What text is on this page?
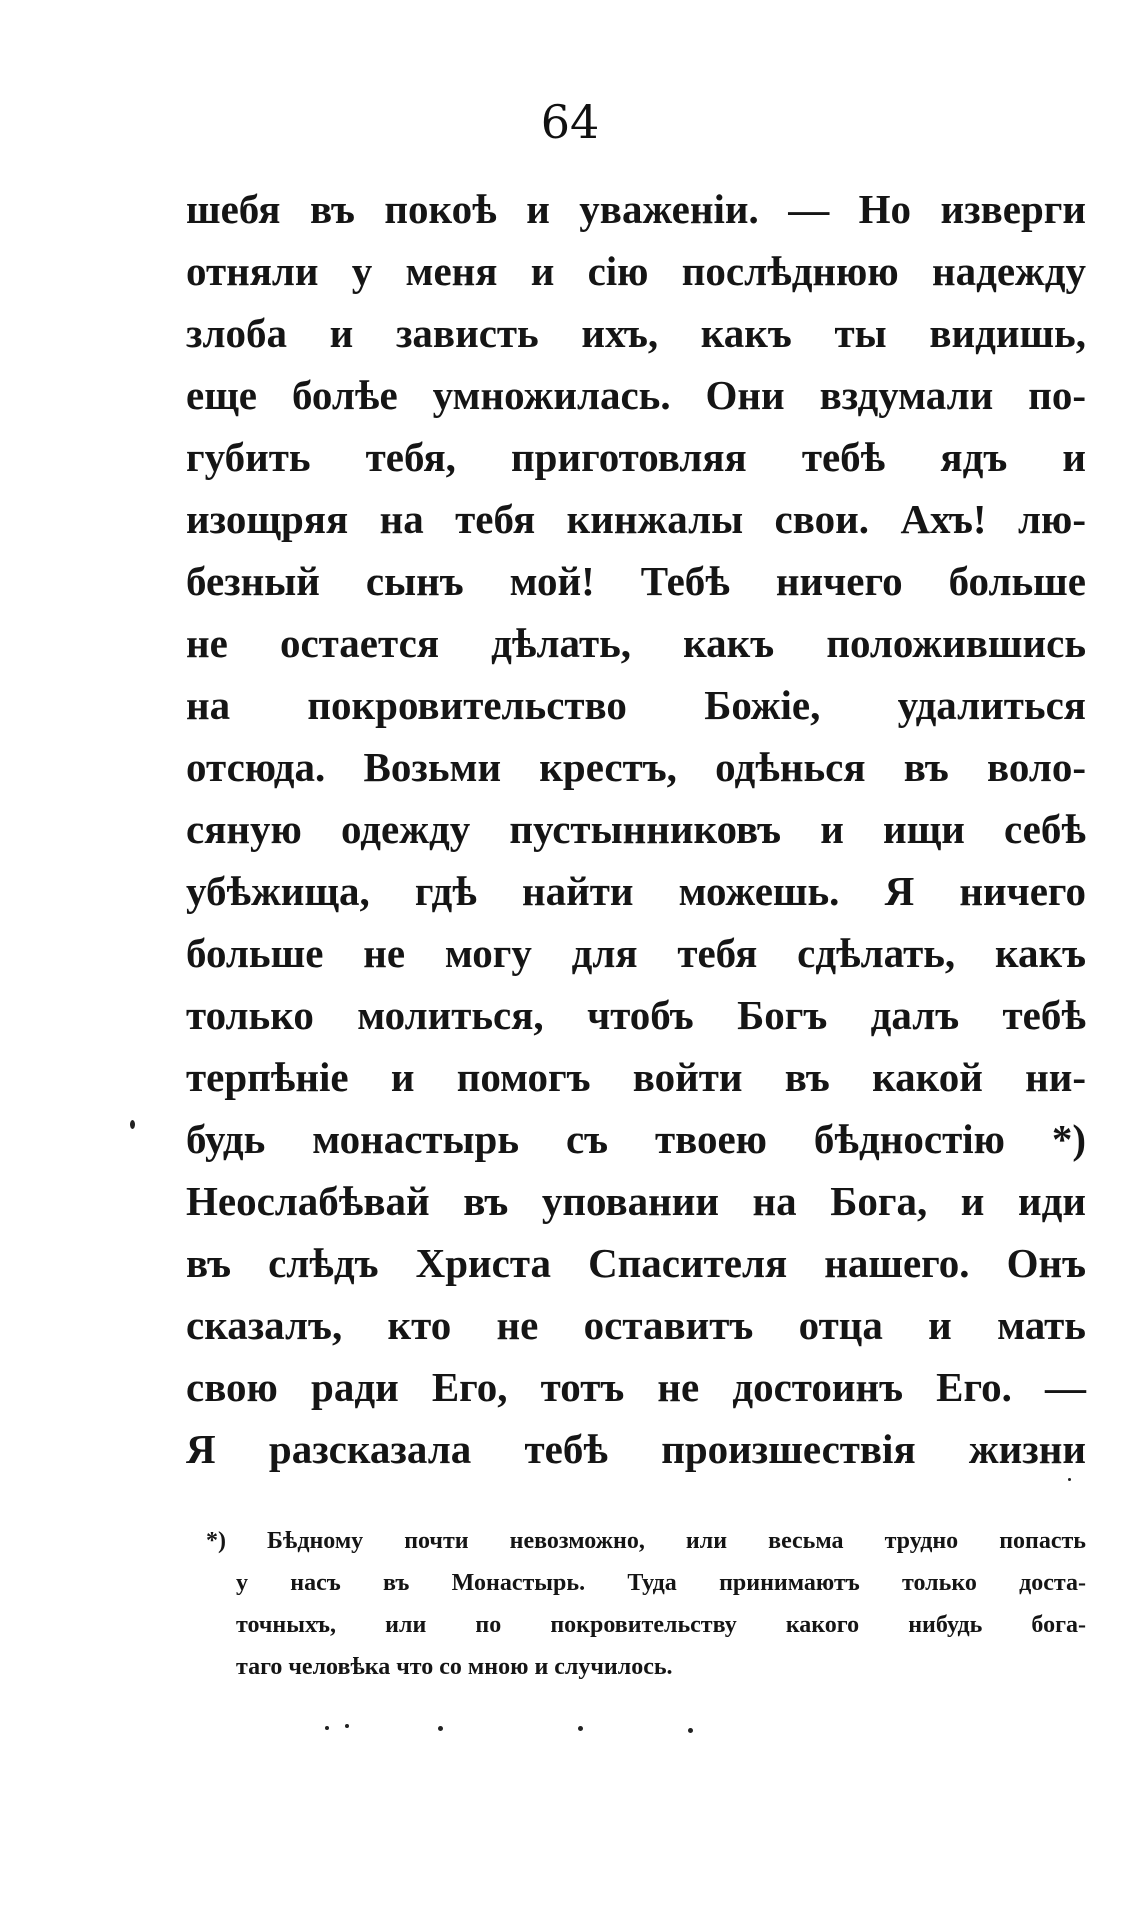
64
шебя въ покоѣ и уваженіи. — Но изверги
отняли у меня и сію послѣднюю надежду
злоба и зависть ихъ, какъ ты видишь,
еще болѣе умножилась. Они вздумали по-
губить тебя, приготовляя тебѣ ядъ и
изощряя на тебя кинжалы свои. Ахъ! лю-
безный сынъ мой! Тебѣ ничего больше
не остается дѣлать, какъ положившись
на покровительство Божіе, удалиться
отсюда. Возьми крестъ, одѣнься въ воло-
сяную одежду пустынниковъ и ищи себѣ
убѣжища, гдѣ найти можешь. Я ничего
больше не могу для тебя сдѣлать, какъ
только молиться, чтобъ Богъ далъ тебѣ
терпѣніе и помогъ войти въ какой ни-
будь монастырь съ твоею бѣдностію *)
Неослабѣвай въ уповании на Бога, и иди
въ слѣдъ Христа Спасителя нашего. Онъ
сказалъ, кто не оставитъ отца и мать
свою ради Его, тотъ не достоинъ Его. —
Я разсказала тебѣ произшествія жизни
*) Бѣдному почти невозможно, или весьма трудно попасть
у насъ въ Монастырь. Туда принимаютъ только доста-
точныхъ, или по покровительству какого нибудь бога-
таго человѣка что со мною и случилось.
